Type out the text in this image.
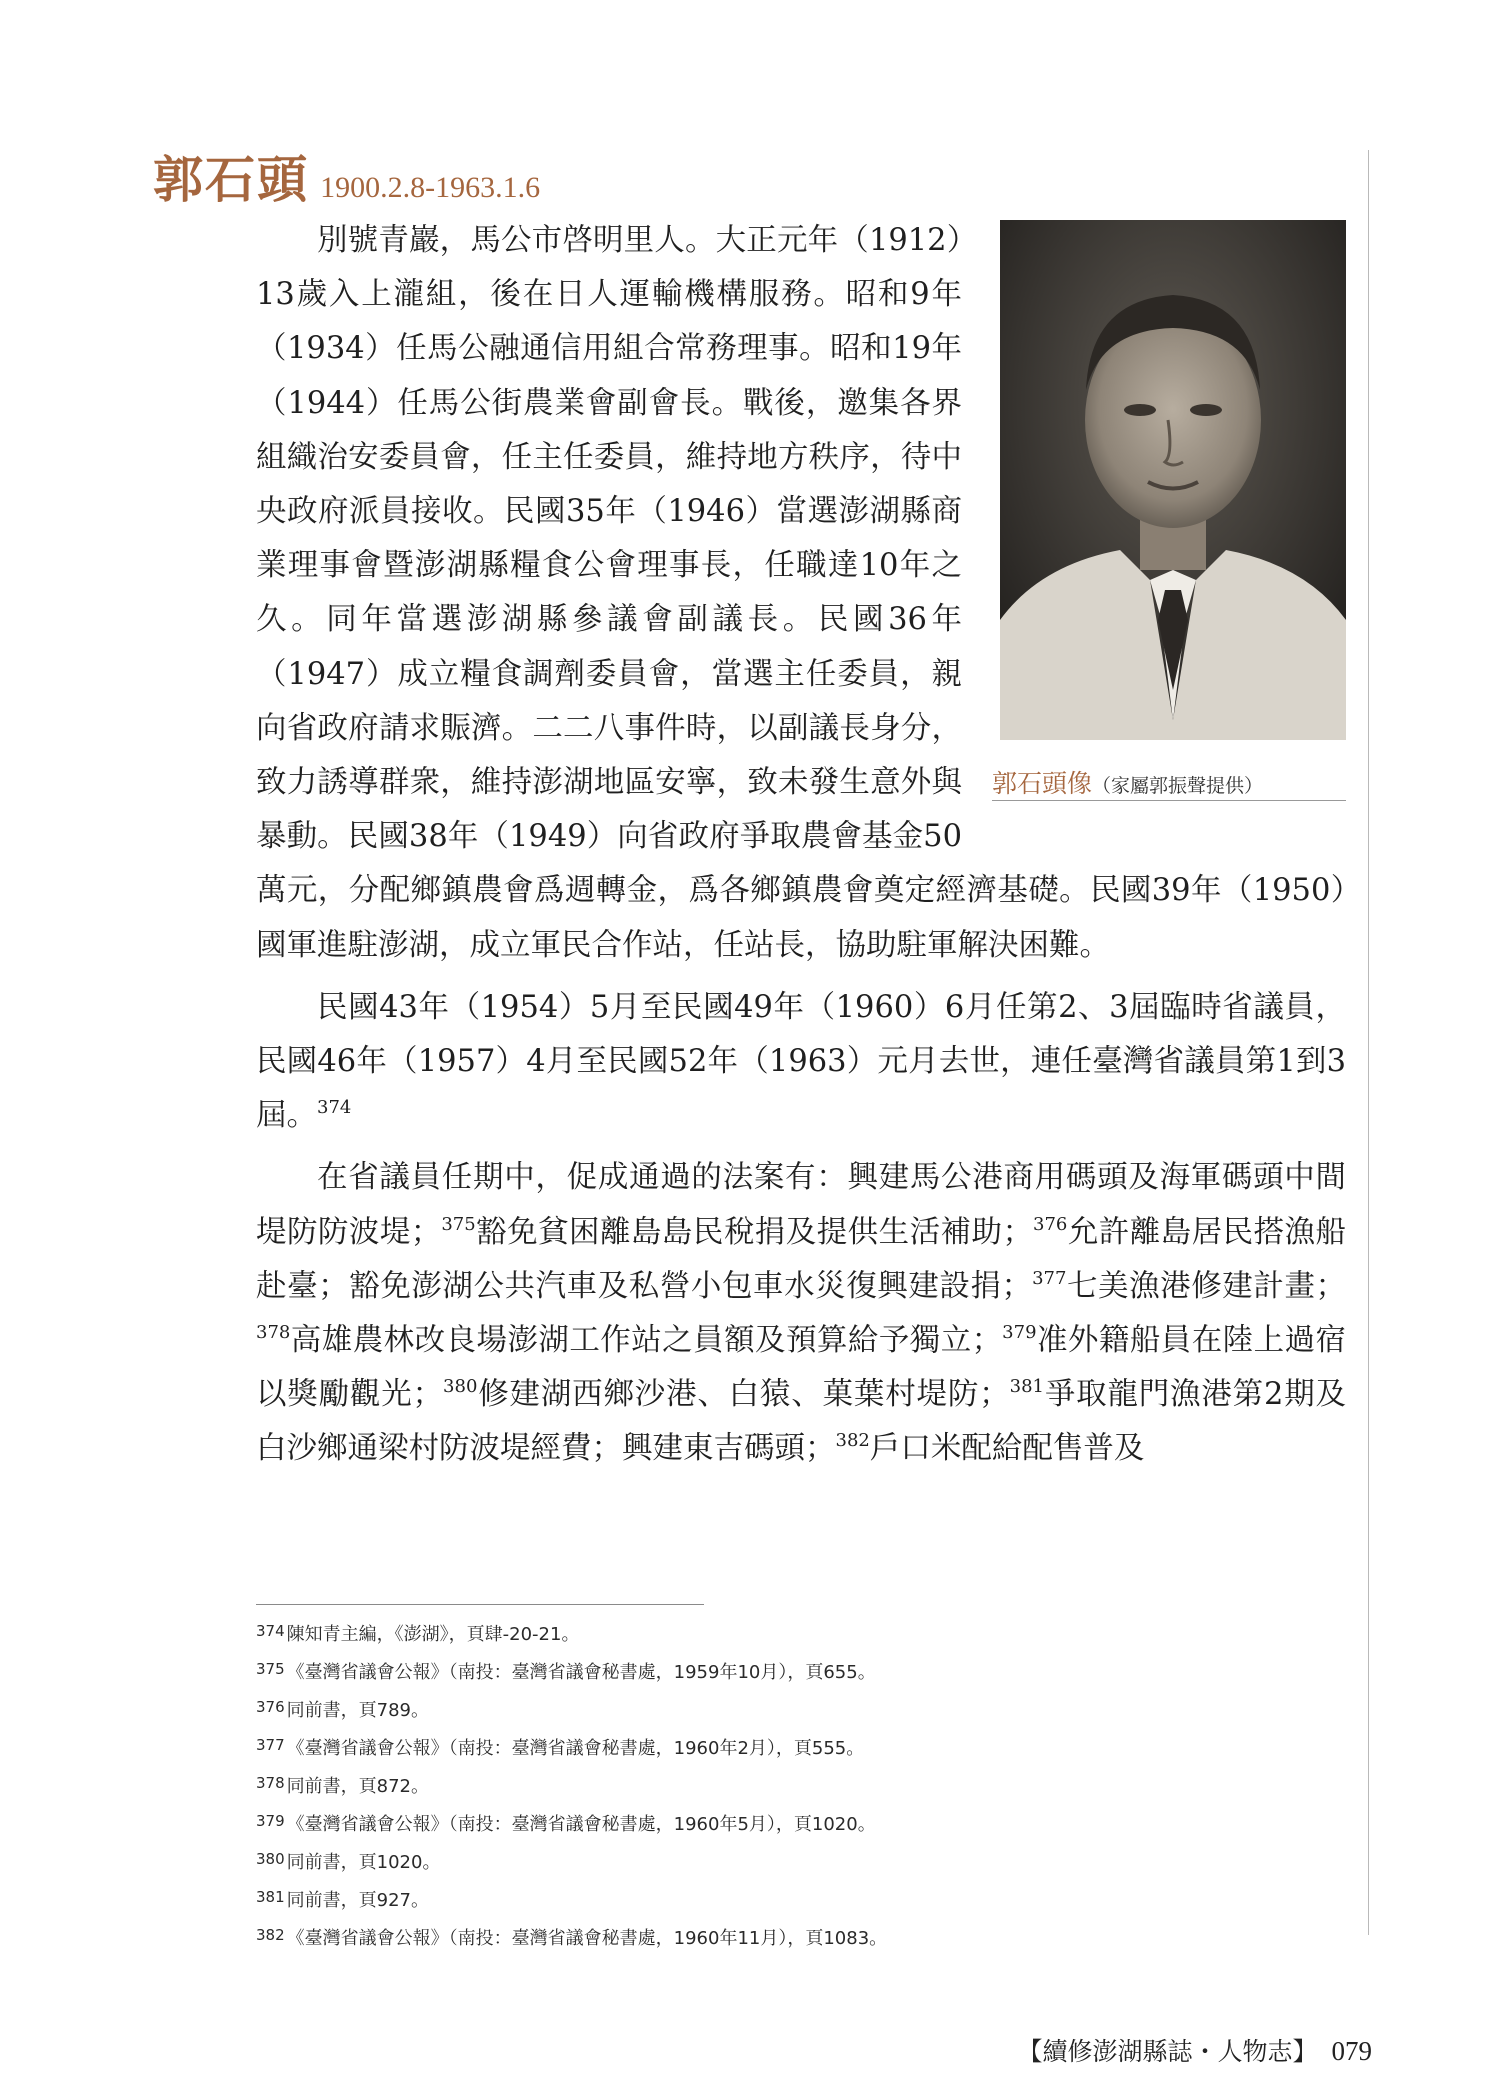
郭石頭 1900.2.8-1963.1.6
郭石頭像（家屬郭振聲提供）

別號青巖，馬公市啓明里人。大正元年（1912）13歲入上瀧組，後在日人運輸機構服務。昭和9年（1934）任馬公融通信用組合常務理事。昭和19年（1944）任馬公街農業會副會長。戰後，邀集各界組織治安委員會，任主任委員，維持地方秩序，待中央政府派員接收。民國35年（1946）當選澎湖縣商業理事會暨澎湖縣糧食公會理事長，任職達10年之久。同年當選澎湖縣參議會副議長。民國36年（1947）成立糧食調劑委員會，當選主任委員，親向省政府請求賑濟。二二八事件時，以副議長身分，致力誘導群衆，維持澎湖地區安寧，致未發生意外與暴動。民國38年（1949）向省政府爭取農會基金50萬元，分配鄉鎮農會爲週轉金，爲各鄉鎮農會奠定經濟基礎。民國39年（1950）國軍進駐澎湖，成立軍民合作站，任站長，協助駐軍解決困難。

民國43年（1954）5月至民國49年（1960）6月任第2、3屆臨時省議員，民國46年（1957）4月至民國52年（1963）元月去世，連任臺灣省議員第1到3屆。$^{374}$

在省議員任期中，促成通過的法案有：興建馬公港商用碼頭及海軍碼頭中間堤防防波堤；$^{375}$豁免貧困離島島民稅捐及提供生活補助；$^{376}$允許離島居民搭漁船赴臺；豁免澎湖公共汽車及私營小包車水災復興建設捐；$^{377}$七美漁港修建計畫；$^{378}$高雄農林改良場澎湖工作站之員額及預算給予獨立；$^{379}$准外籍船員在陸上過宿以獎勵觀光；$^{380}$修建湖西鄉沙港、白猿、菓葉村堤防；$^{381}$爭取龍門漁港第2期及白沙鄉通梁村防波堤經費；興建東吉碼頭；$^{382}$戶口米配給配售普及

$^{374}$ 陳知青主編，《澎湖》，頁肆-20-21。
$^{375}$ 《臺灣省議會公報》（南投：臺灣省議會秘書處，1959年10月），頁655。
$^{376}$ 同前書，頁789。
$^{377}$ 《臺灣省議會公報》（南投：臺灣省議會秘書處，1960年2月），頁555。
$^{378}$ 同前書，頁872。
$^{379}$ 《臺灣省議會公報》（南投：臺灣省議會秘書處，1960年5月），頁1020。
$^{380}$ 同前書，頁1020。
$^{381}$ 同前書，頁927。
$^{382}$ 《臺灣省議會公報》（南投：臺灣省議會秘書處，1960年11月），頁1083。
【續修澎湖縣誌・人物志】 079
